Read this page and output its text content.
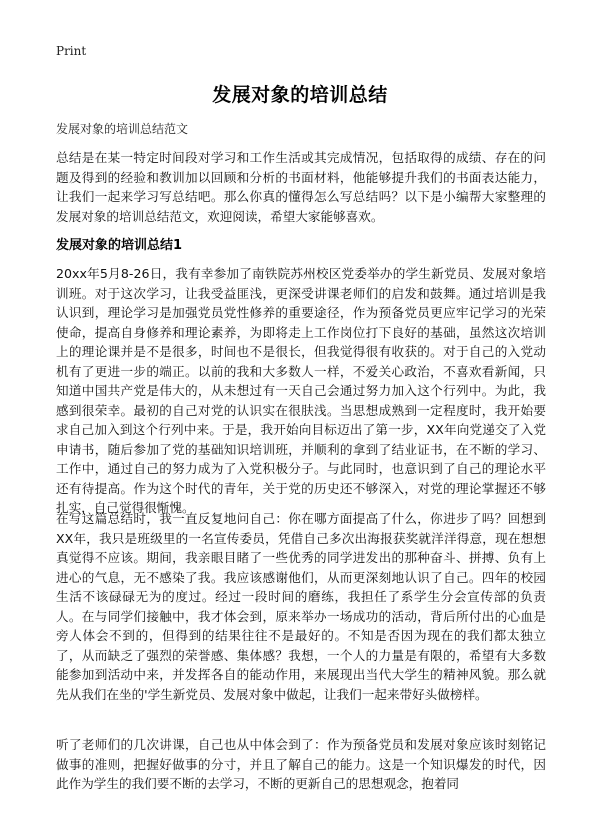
Print
发展对象的培训总结
发展对象的培训总结范文
总结是在某一特定时间段对学习和工作生活或其完成情况，包括取得的成绩、存在的问题及得到的经验和教训加以回顾和分析的书面材料，他能够提升我们的书面表达能力，让我们一起来学习写总结吧。那么你真的懂得怎么写总结吗？以下是小编帮大家整理的发展对象的培训总结范文，欢迎阅读，希望大家能够喜欢。
发展对象的培训总结1
20xx年5月8-26日，我有幸参加了南铁院苏州校区党委举办的学生新党员、发展对象培训班。对于这次学习，让我受益匪浅，更深受讲课老师们的启发和鼓舞。通过培训是我认识到，理论学习是加强党员党性修养的重要途径，作为预备党员更应牢记学习的光荣使命，提高自身修养和理论素养，为即将走上工作岗位打下良好的基础，虽然这次培训上的理论课并是不是很多，时间也不是很长，但我觉得很有收获的。对于自己的入党动机有了更进一步的端正。以前的我和大多数人一样，不爱关心政治，不喜欢看新闻，只知道中国共产党是伟大的，从未想过有一天自己会通过努力加入这个行列中。为此，我感到很荣幸。最初的自己对党的认识实在很肤浅。当思想成熟到一定程度时，我开始要求自己加入到这个行列中来。于是，我开始向目标迈出了第一步，XX年向党递交了入党申请书，随后参加了党的基础知识培训班，并顺利的拿到了结业证书，在不断的学习、工作中，通过自己的努力成为了入党积极分子。与此同时，也意识到了自己的理论水平还有待提高。作为这个时代的青年，关于党的历史还不够深入，对党的理论掌握还不够扎实，自己觉得很惭愧。
在写这篇总结时，我一直反复地问自己：你在哪方面提高了什么，你进步了吗？回想到XX年，我只是班级里的一名宣传委员，凭借自己多次出海报获奖就洋洋得意，现在想想真觉得不应该。期间，我亲眼目睹了一些优秀的同学进发出的那种奋斗、拼搏、负有上进心的气息，无不感染了我。我应该感谢他们，从而更深刻地认识了自己。四年的校园生活不该碌碌无为的度过。经过一段时间的磨练，我担任了系学生分会宣传部的负责人。在与同学们接触中，我才体会到，原来举办一场成功的活动，背后所付出的心血是旁人体会不到的，但得到的结果往往不是最好的。不知是否因为现在的我们都太独立了，从而缺乏了强烈的荣誉感、集体感？我想，一个人的力量是有限的，希望有大多数能参加到活动中来，并发挥各自的能动作用，来展现出当代大学生的精神风貌。那么就先从我们在坐的'学生新党员、发展对象中做起，让我们一起来带好头做榜样。
听了老师们的几次讲课，自己也从中体会到了：作为预备党员和发展对象应该时刻铭记做事的准则，把握好做事的分寸，并且了解自己的能力。这是一个知识爆发的时代，因此作为学生的我们要不断的去学习，不断的更新自己的思想观念，抱着同
